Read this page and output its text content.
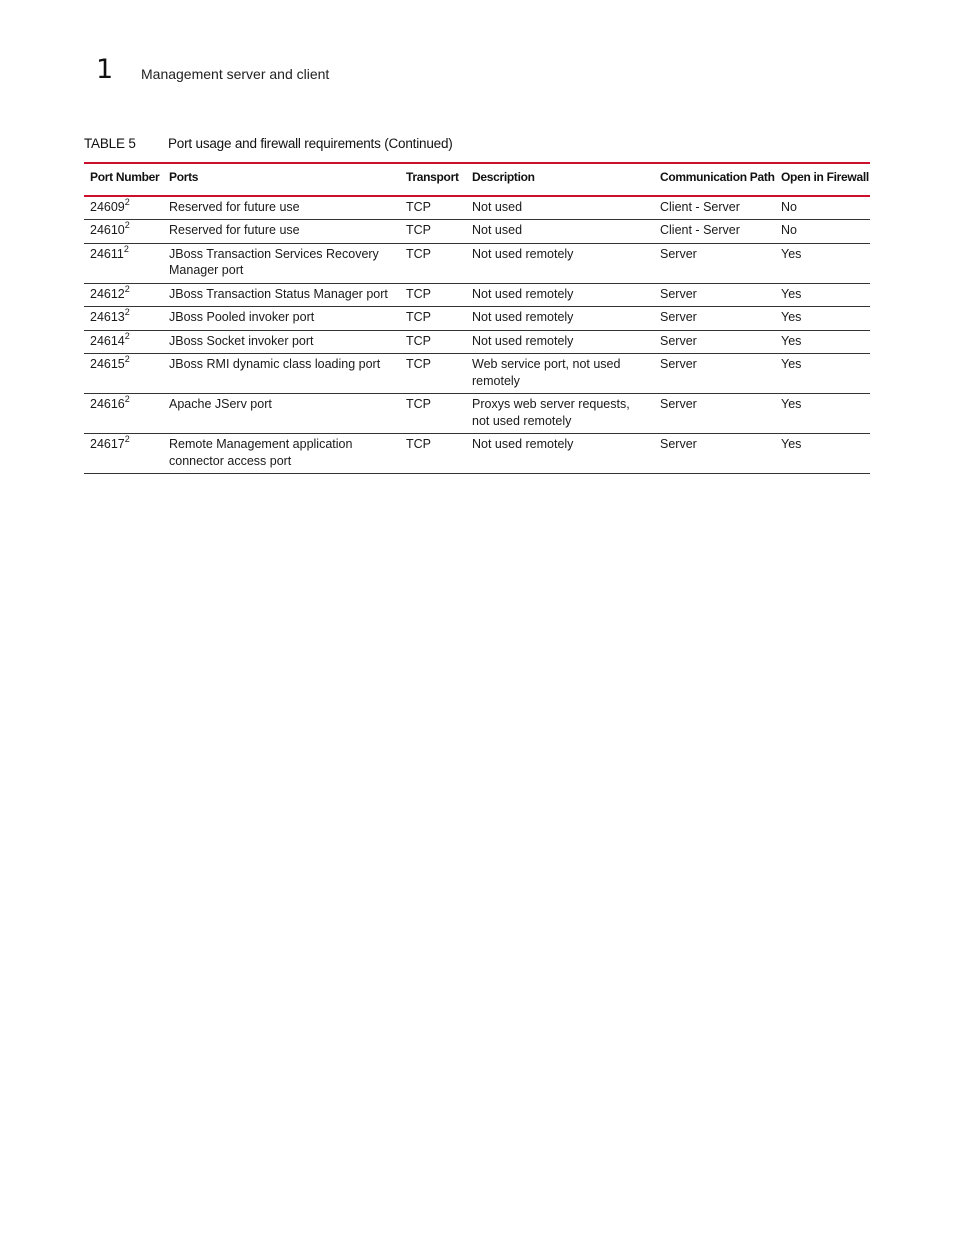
1 Management server and client
TABLE 5 Port usage and firewall requirements (Continued)
Port Number	Ports	Transport	Description	Communication Path	Open in Firewall
24609$^2$	Reserved for future use	TCP	Not used	Client - Server	No
24610$^2$	Reserved for future use	TCP	Not used	Client - Server	No
24611$^2$	JBoss Transaction Services Recovery Manager port	TCP	Not used remotely	Server	Yes
24612$^2$	JBoss Transaction Status Manager port	TCP	Not used remotely	Server	Yes
24613$^2$	JBoss Pooled invoker port	TCP	Not used remotely	Server	Yes
24614$^2$	JBoss Socket invoker port	TCP	Not used remotely	Server	Yes
24615$^2$	JBoss RMI dynamic class loading port	TCP	Web service port, not used remotely	Server	Yes
24616$^2$	Apache JServ port	TCP	Proxys web server requests, not used remotely	Server	Yes
24617$^2$	Remote Management application connector access port	TCP	Not used remotely	Server	Yes
